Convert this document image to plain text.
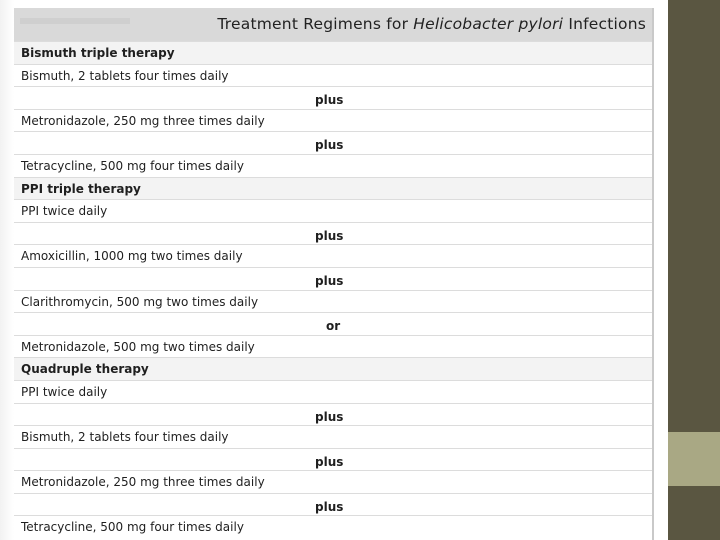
Treatment Regimens for Helicobacter pylori Infections
Bismuth triple therapy
Bismuth, 2 tablets four times daily
plus
Metronidazole, 250 mg three times daily
plus
Tetracycline, 500 mg four times daily
PPI triple therapy
PPI twice daily
plus
Amoxicillin, 1000 mg two times daily
plus
Clarithromycin, 500 mg two times daily
or
Metronidazole, 500 mg two times daily
Quadruple therapy
PPI twice daily
plus
Bismuth, 2 tablets four times daily
plus
Metronidazole, 250 mg three times daily
plus
Tetracycline, 500 mg four times daily
